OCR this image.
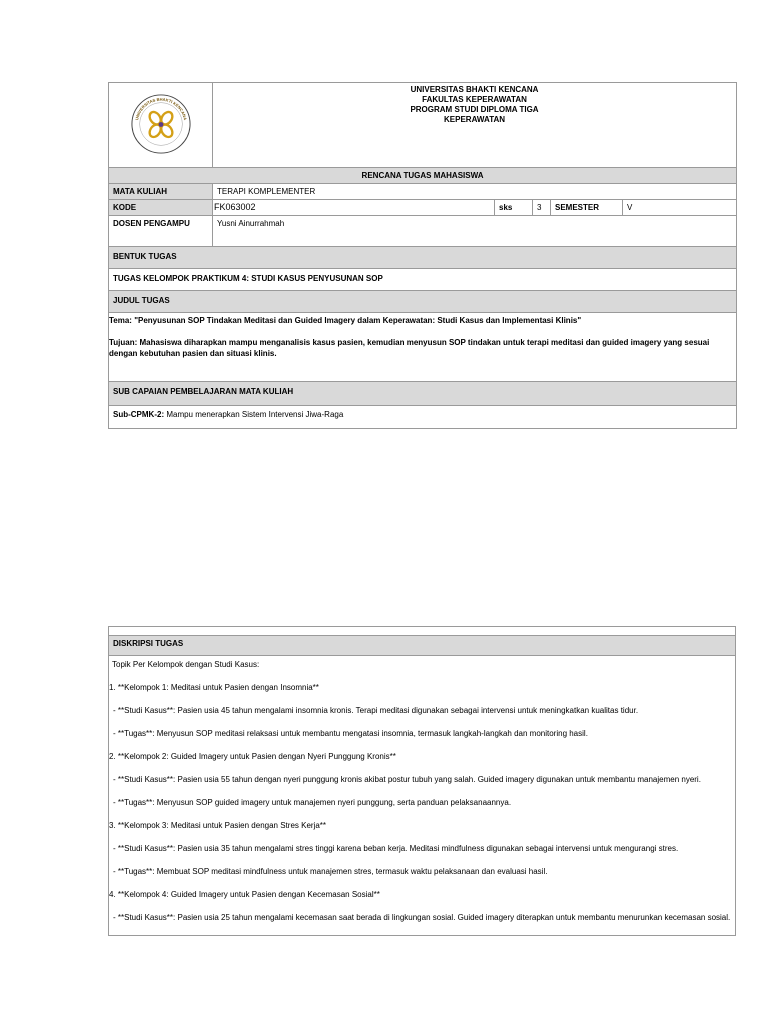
UNIVERSITAS BHAKTI KENCANA	UNIVERSITAS BHAKTI KENCANA
FAKULTAS KEPERAWATAN
PROGRAM STUDI DIPLOMA TIGA
KEPERAWATAN				

RENCANA TUGAS MAHASISWA					
MATA KULIAH	TERAPI KOMPLEMENTER				
KODE	FK063002	sks	3	SEMESTER	V
DOSEN PENGAMPU	Yusni Ainurrahmah				
BENTUK TUGAS					
TUGAS KELOMPOK PRAKTIKUM 4: STUDI KASUS PENYUSUNAN SOP					
JUDUL TUGAS					

Tema: "Penyusunan SOP Tindakan Meditasi dan Guided Imagery dalam Keperawatan: Studi Kasus dan Implementasi Klinis"
Tujuan: Mahasiswa diharapkan mampu menganalisis kasus pasien, kemudian menyusun SOP tindakan untuk terapi meditasi dan guided imagery yang sesuai dengan kebutuhan pasien dan situasi klinis.					

SUB CAPAIAN PEMBELAJARAN MATA KULIAH					
Sub-CPMK-2: Mampu menerapkan Sistem Intervensi Jiwa-Raga					

DISKRIPSI TUGAS

Topik Per Kelompok dengan Studi Kasus:

1. **Kelompok 1: Meditasi untuk Pasien dengan Insomnia**

- **Studi Kasus**: Pasien usia 45 tahun mengalami insomnia kronis. Terapi meditasi digunakan sebagai intervensi untuk meningkatkan kualitas tidur.

- **Tugas**: Menyusun SOP meditasi relaksasi untuk membantu mengatasi insomnia, termasuk langkah-langkah dan monitoring hasil.

2. **Kelompok 2: Guided Imagery untuk Pasien dengan Nyeri Punggung Kronis**

- **Studi Kasus**: Pasien usia 55 tahun dengan nyeri punggung kronis akibat postur tubuh yang salah. Guided imagery digunakan untuk membantu manajemen nyeri.

- **Tugas**: Menyusun SOP guided imagery untuk manajemen nyeri punggung, serta panduan pelaksanaannya.

3. **Kelompok 3: Meditasi untuk Pasien dengan Stres Kerja**

- **Studi Kasus**: Pasien usia 35 tahun mengalami stres tinggi karena beban kerja. Meditasi mindfulness digunakan sebagai intervensi untuk mengurangi stres.

- **Tugas**: Membuat SOP meditasi mindfulness untuk manajemen stres, termasuk waktu pelaksanaan dan evaluasi hasil.

4. **Kelompok 4: Guided Imagery untuk Pasien dengan Kecemasan Sosial**

- **Studi Kasus**: Pasien usia 25 tahun mengalami kecemasan saat berada di lingkungan sosial. Guided imagery diterapkan untuk membantu menurunkan kecemasan sosial.
